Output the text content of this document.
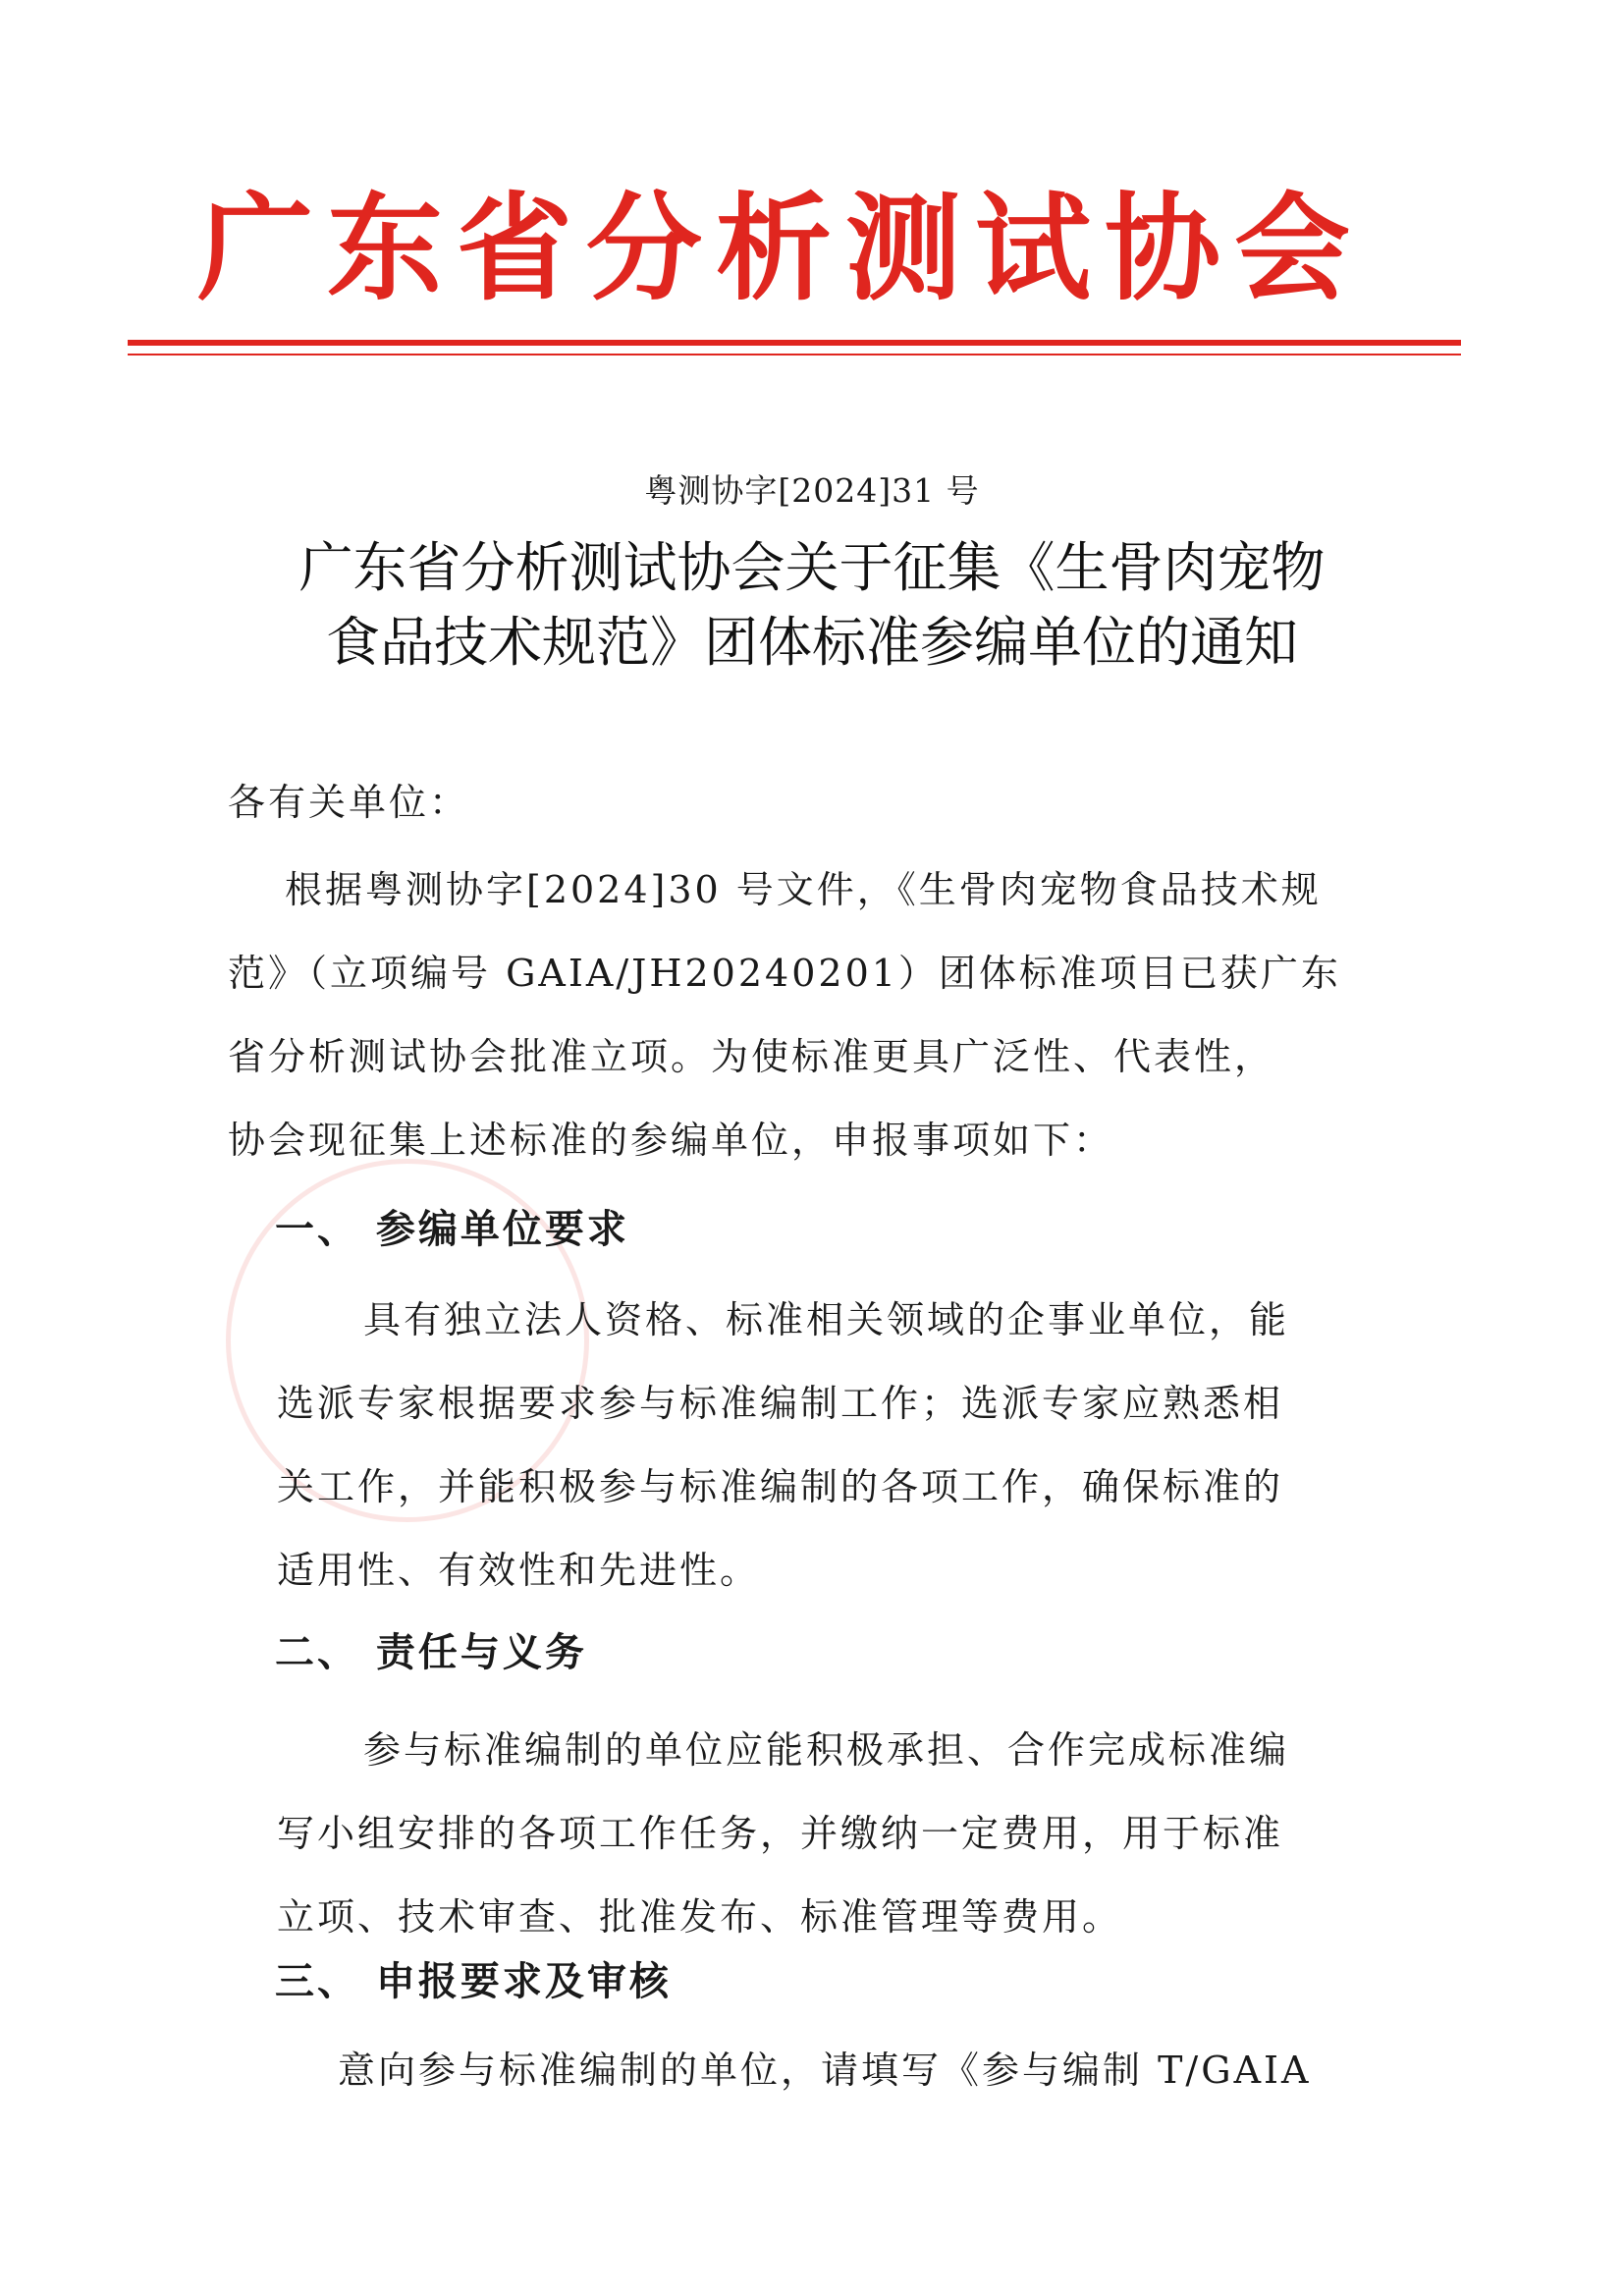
广东省分析测试协会
粤测协字[2024]31 号
广东省分析测试协会关于征集《生骨肉宠物
食品技术规范》团体标准参编单位的通知
各有关单位：
根据粤测协字[2024]30 号文件，《生骨肉宠物食品技术规
范》（立项编号 GAIA/JH20240201）团体标准项目已获广东
省分析测试协会批准立项。为使标准更具广泛性、代表性，
协会现征集上述标准的参编单位，申报事项如下：
一、 参编单位要求
具有独立法人资格、标准相关领域的企事业单位，能
选派专家根据要求参与标准编制工作；选派专家应熟悉相
关工作，并能积极参与标准编制的各项工作，确保标准的
适用性、有效性和先进性。
二、 责任与义务
参与标准编制的单位应能积极承担、合作完成标准编
写小组安排的各项工作任务，并缴纳一定费用，用于标准
立项、技术审查、批准发布、标准管理等费用。
三、 申报要求及审核
意向参与标准编制的单位，请填写《参与编制 T/GAIA
